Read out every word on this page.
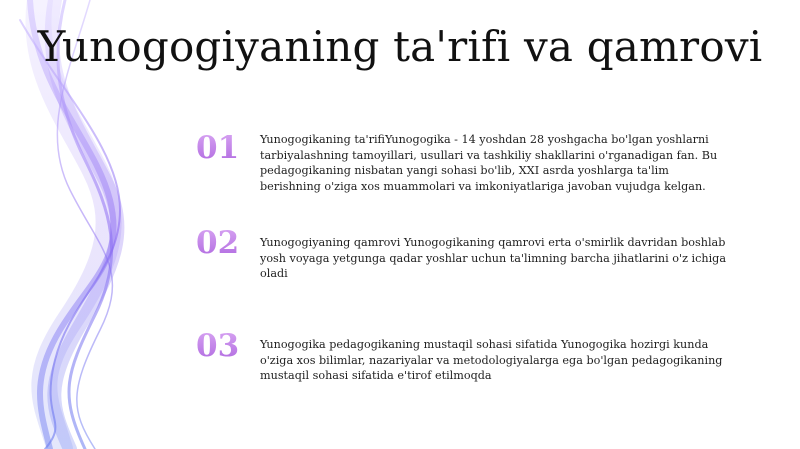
Yunogogiyaning ta'rifi va qamrovi
01	Yunogogikaning ta'rifiYunogogika - 14 yoshdan 28 yoshgacha bo'lgan yoshlarni tarbiyalashning tamoyillari, usullari va tashkiliy shakllarini o'rganadigan fan. Bu pedagogikaning nisbatan yangi sohasi bo'lib, XXI asrda yoshlarga ta'lim berishning o'ziga xos muammolari va imkoniyatlariga javoban vujudga kelgan.
02	Yunogogiyaning qamrovi Yunogogikaning qamrovi erta o'smirlik davridan boshlab yosh voyaga yetgunga qadar yoshlar uchun ta'limning barcha jihatlarini o'z ichiga oladi
03	Yunogogika pedagogikaning mustaqil sohasi sifatida Yunogogika hozirgi kunda o'ziga xos bilimlar, nazariyalar va metodologiyalarga ega bo'lgan pedagogikaning mustaqil sohasi sifatida e'tirof etilmoqda
